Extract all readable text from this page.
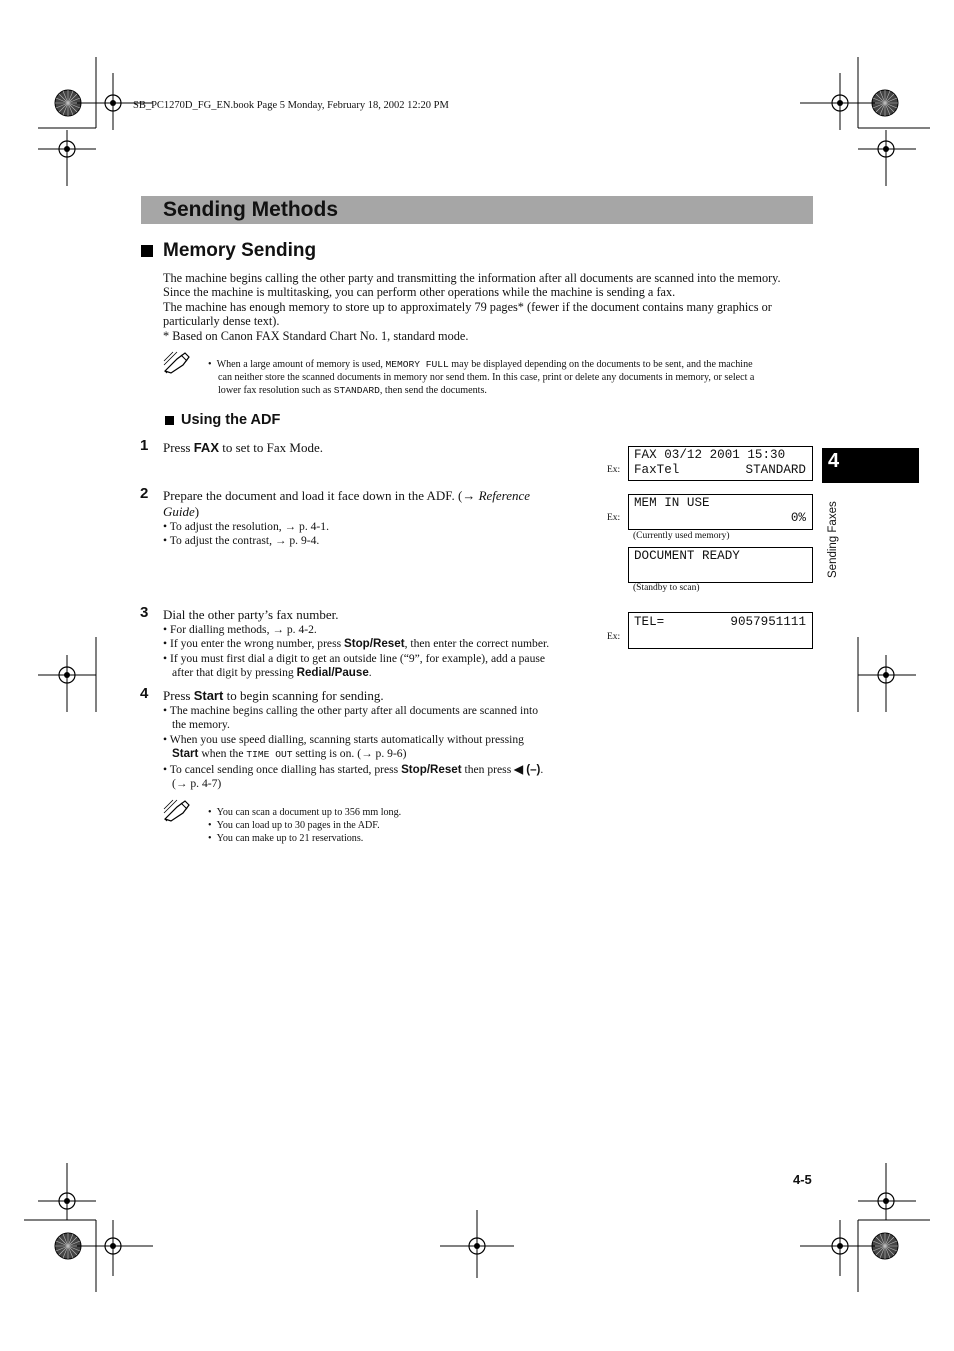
SB_PC1270D_FG_EN.book Page 5 Monday, February 18, 2002 12:20 PM
Sending Methods
Memory Sending
The machine begins calling the other party and transmitting the information after all documents are scanned into the memory.
Since the machine is multitasking, you can perform other operations while the machine is sending a fax.
The machine has enough memory to store up to approximately 79 pages* (fewer if the document contains many graphics or
particularly dense text).
* Based on Canon FAX Standard Chart No. 1, standard mode.
•  When a large amount of memory is used, MEMORY FULL may be displayed depending on the documents to be sent, and the machine
can neither store the scanned documents in memory nor send them. In this case, print or delete any documents in memory, or select a
lower fax resolution such as STANDARD, then send the documents.
Using the ADF
1 Press FAX to set to Fax Mode.
2 Prepare the document and load it face down in the ADF. (→ Reference
Guide)
• To adjust the resolution, → p. 4-1.
• To adjust the contrast, → p. 9-4.
3 Dial the other party’s fax number.
• For dialling methods, → p. 4-2.
• If you enter the wrong number, press Stop/Reset, then enter the correct number.
• If you must first dial a digit to get an outside line (“9”, for example), add a pause
after that digit by pressing Redial/Pause.
4 Press Start to begin scanning for sending.
• The machine begins calling the other party after all documents are scanned into
the memory.
• When you use speed dialling, scanning starts automatically without pressing
Start when the TIME OUT setting is on. (→ p. 9-6)
• To cancel sending once dialling has started, press Stop/Reset then press ◀ (–).
(→ p. 4-7)
•  You can scan a document up to 356 mm long.
•  You can load up to 30 pages in the ADF.
•  You can make up to 21 reservations.
Ex:
FAX 03/12 2001 15:30
FaxTel	STANDARD
Ex:
MEM IN USE
0%
(Currently used memory)
DOCUMENT READY
(Standby to scan)
Ex:
TEL=	9057951111
4
Sending Faxes
4-5
